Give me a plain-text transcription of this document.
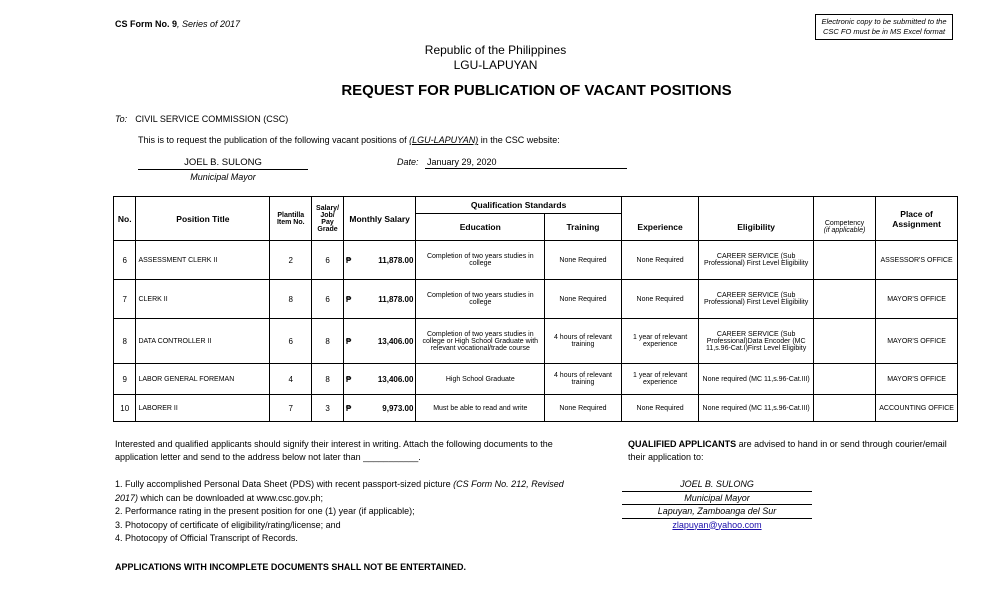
CS Form No. 9, Series of 2017	Electronic copy to be submitted to the CSC FO must be in MS Excel format
Republic of the Philippines
LGU-LAPUYAN
REQUEST FOR PUBLICATION OF VACANT POSITIONS
To: CIVIL SERVICE COMMISSION (CSC)
This is to request the publication of the following vacant positions of (LGU-LAPUYAN) in the CSC website:
JOEL B. SULONG
Municipal Mayor
Date: January 29, 2020
No.	Position Title	Plantilla Item No.	Salary/ Job/ Pay Grade	Monthly Salary	Qualification Standards					Place of Assignment
					Education	Training	Experience	Eligibility	Competency
(if applicable)	
6	ASSESSMENT CLERK II	2	6	₱ 11,878.00	Completion of two years studies in college	None Required	None Required	CAREER SERVICE (Sub Professional) First Level Eligibility		ASSESSOR'S OFFICE
7	CLERK II	8	6	₱ 11,878.00	Completion of two years studies in college	None Required	None Required	CAREER SERVICE (Sub Professional) First Level Eligibility		MAYOR'S OFFICE
8	DATA CONTROLLER II	6	8	₱ 13,406.00	Completion of two years studies in college or High School Graduate with relevant vocational/trade course	4 hours of relevant training	1 year of relevant experience	CAREER SERVICE (Sub Professional)Data Encoder (MC 11,s.96-Cat.I)First Level Eligibity		MAYOR'S OFFICE
9	LABOR GENERAL FOREMAN	4	8	₱ 13,406.00	High School Graduate	4 hours of relevant training	1 year of relevant experience	None required (MC 11,s.96-Cat.III)		MAYOR'S OFFICE
10	LABORER II	7	3	₱ 9,973.00	Must be able to read and write	None Required	None Required	None required (MC 11,s.96-Cat.III)		ACCOUNTING OFFICE
Interested and qualified applicants should signify their interest in writing. Attach the following documents to the application letter and send to the address below not later than ___________.
QUALIFIED APPLICANTS are advised to hand in or send through courier/email their application to:
1. Fully accomplished Personal Data Sheet (PDS) with recent passport-sized picture (CS Form No. 212, Revised 2017) which can be downloaded at www.csc.gov.ph;
2. Performance rating in the present position for one (1) year (if applicable);
3. Photocopy of certificate of eligibility/rating/license; and
4. Photocopy of Official Transcript of Records.
JOEL B. SULONG
Municipal Mayor
Lapuyan, Zamboanga del Sur
zlapuyan@yahoo.com
APPLICATIONS WITH INCOMPLETE DOCUMENTS SHALL NOT BE ENTERTAINED.
